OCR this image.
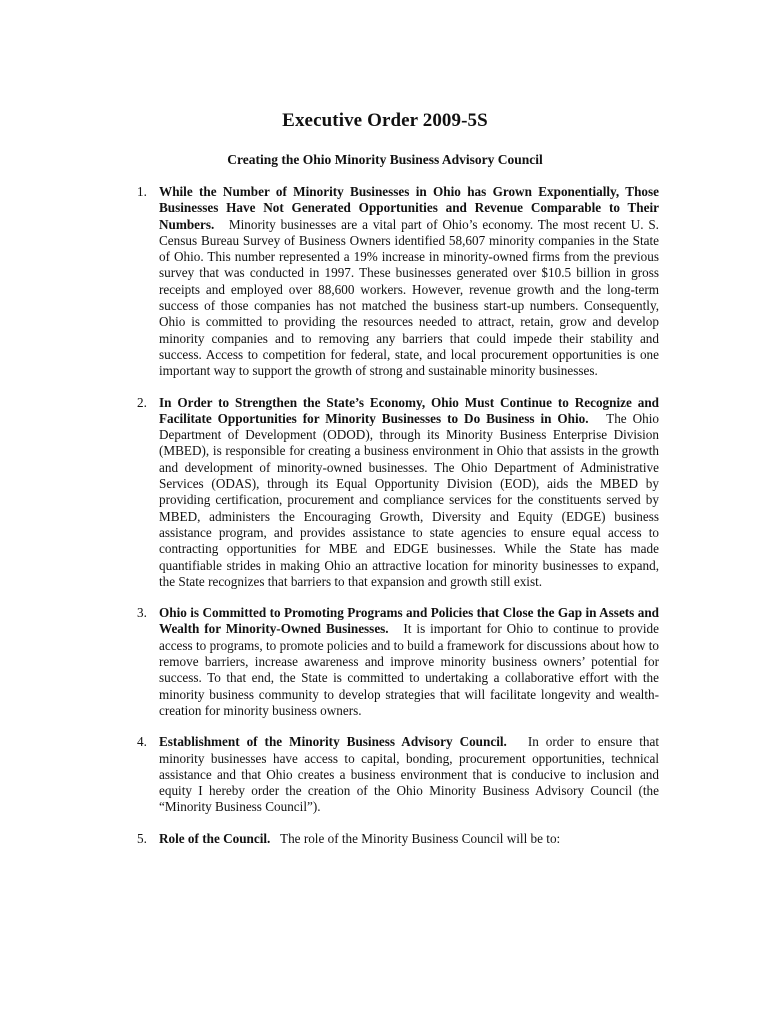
Executive Order 2009-5S
Creating the Ohio Minority Business Advisory Council
1. While the Number of Minority Businesses in Ohio has Grown Exponentially, Those Businesses Have Not Generated Opportunities and Revenue Comparable to Their Numbers.   Minority businesses are a vital part of Ohio’s economy. The most recent U. S. Census Bureau Survey of Business Owners identified 58,607 minority companies in the State of Ohio. This number represented a 19% increase in minority-owned firms from the previous survey that was conducted in 1997. These businesses generated over $10.5 billion in gross receipts and employed over 88,600 workers. However, revenue growth and the long-term success of those companies has not matched the business start-up numbers. Consequently, Ohio is committed to providing the resources needed to attract, retain, grow and develop minority companies and to removing any barriers that could impede their stability and success. Access to competition for federal, state, and local procurement opportunities is one important way to support the growth of strong and sustainable minority businesses.
2. In Order to Strengthen the State’s Economy, Ohio Must Continue to Recognize and Facilitate Opportunities for Minority Businesses to Do Business in Ohio.   The Ohio Department of Development (ODOD), through its Minority Business Enterprise Division (MBED), is responsible for creating a business environment in Ohio that assists in the growth and development of minority-owned businesses. The Ohio Department of Administrative Services (ODAS), through its Equal Opportunity Division (EOD), aids the MBED by providing certification, procurement and compliance services for the constituents served by MBED, administers the Encouraging Growth, Diversity and Equity (EDGE) business assistance program, and provides assistance to state agencies to ensure equal access to contracting opportunities for MBE and EDGE businesses. While the State has made quantifiable strides in making Ohio an attractive location for minority businesses to expand, the State recognizes that barriers to that expansion and growth still exist.
3. Ohio is Committed to Promoting Programs and Policies that Close the Gap in Assets and Wealth for Minority-Owned Businesses.   It is important for Ohio to continue to provide access to programs, to promote policies and to build a framework for discussions about how to remove barriers, increase awareness and improve minority business owners’ potential for success. To that end, the State is committed to undertaking a collaborative effort with the minority business community to develop strategies that will facilitate longevity and wealth-creation for minority business owners.
4. Establishment of the Minority Business Advisory Council.   In order to ensure that minority businesses have access to capital, bonding, procurement opportunities, technical assistance and that Ohio creates a business environment that is conducive to inclusion and equity I hereby order the creation of the Ohio Minority Business Advisory Council (the “Minority Business Council”).
5. Role of the Council.   The role of the Minority Business Council will be to:
